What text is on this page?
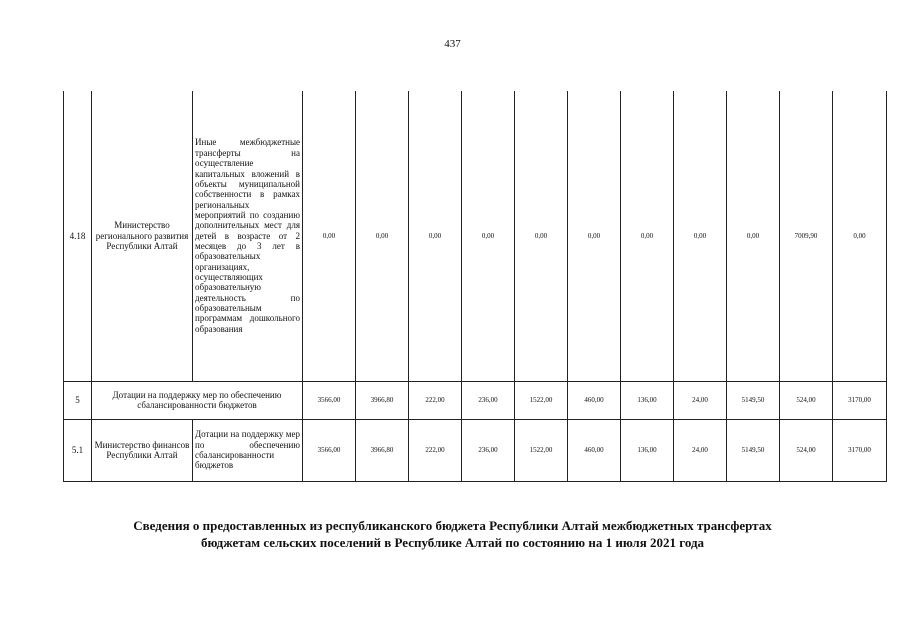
437
4.18	Министерство регионального развития Республики Алтай	Иные межбюджетные трансферты на осуществление капитальных вложений в объекты муниципальной собственности в рамках региональных мероприятий по созданию дополнительных мест для детей в возрасте от 2 месяцев до 3 лет в образовательных организациях, осуществляющих образовательную деятельность по образовательным программам дошкольного образования	0,00	0,00	0,00	0,00	0,00	0,00	0,00	0,00	0,00	7009,90	0,00
5	Дотации на поддержку мер по обеспечению сбалансированности бюджетов		3566,00	3966,80	222,00	236,00	1522,00	460,00	136,00	24,00	5149,50	524,00	3170,00
5.1	Министерство финансов Республики Алтай	Дотации на поддержку мер по обеспечению сбалансированности бюджетов	3566,00	3966,80	222,00	236,00	1522,00	460,00	136,00	24,00	5149,50	524,00	3170,00
Сведения о предоставленных из республиканского бюджета Республики Алтай межбюджетных трансфертах
бюджетам сельских поселений в Республике Алтай по состоянию на 1 июля 2021 года
